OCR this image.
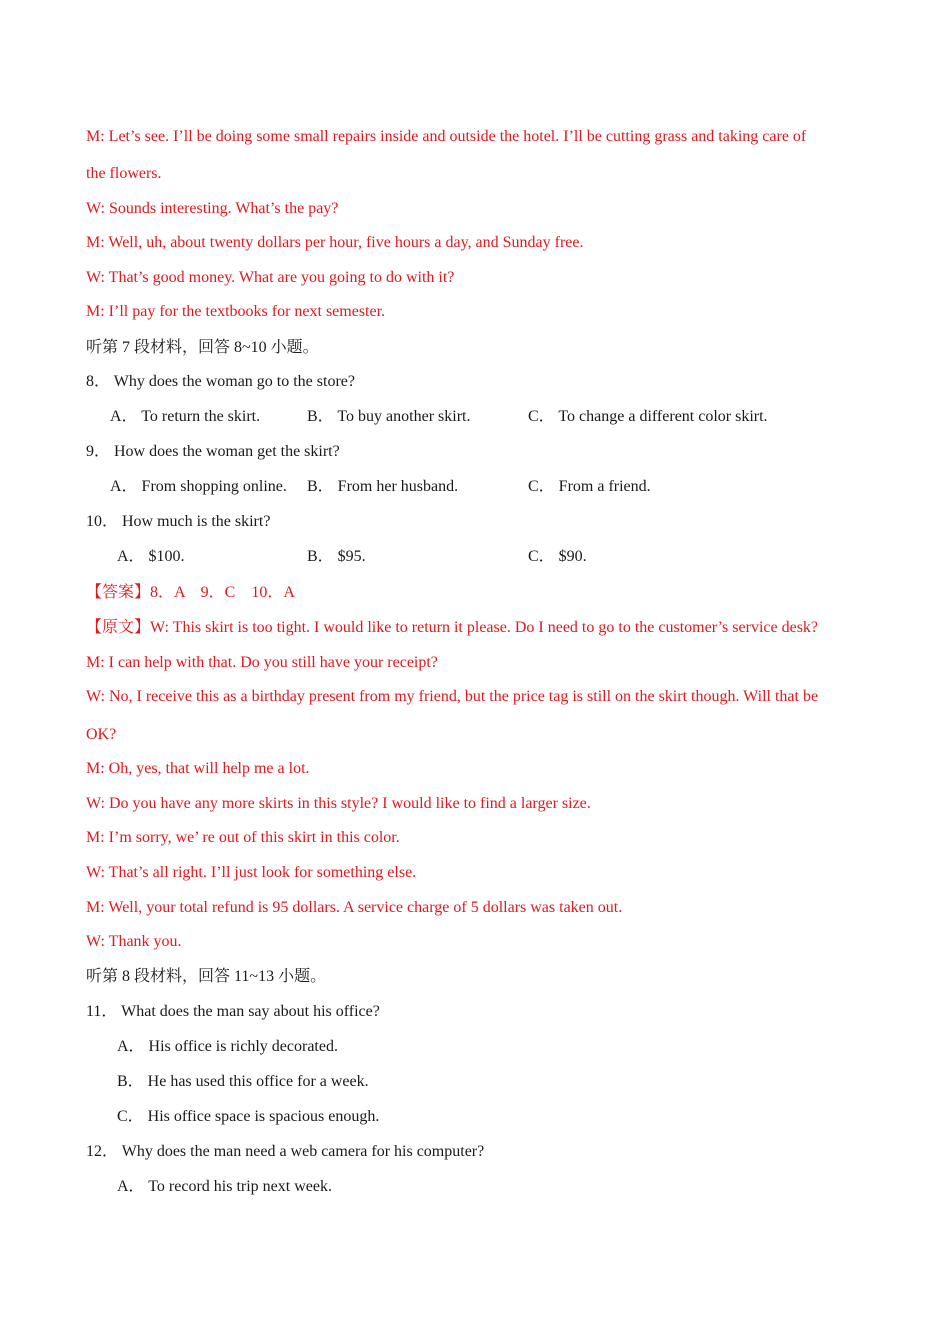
M: Let’s see. I’ll be doing some small repairs inside and outside the hotel. I’ll be cutting grass and taking care of
the flowers.
W: Sounds interesting. What’s the pay?
M: Well, uh, about twenty dollars per hour, five hours a day, and Sunday free.
W: That’s good money. What are you going to do with it?
M: I’ll pay for the textbooks for next semester.
听第 7 段材料，回答 8~10 小题。
8． Why does the woman go to the store?
A． To return the skirt.	B． To buy another skirt.	C． To change a different color skirt.
9． How does the woman get the skirt?
A． From shopping online. B． From her husband.	C． From a friend.
10． How much is the skirt?
A． $100.	B． $95.	C． $90.
【答案】8．A　9．C　10．A
【原文】W: This skirt is too tight. I would like to return it please. Do I need to go to the customer’s service desk?
M: I can help with that. Do you still have your receipt?
W: No, I receive this as a birthday present from my friend, but the price tag is still on the skirt though. Will that be
OK?
M: Oh, yes, that will help me a lot.
W: Do you have any more skirts in this style? I would like to find a larger size.
M: I’m sorry, we’ re out of this skirt in this color.
W: That’s all right. I’ll just look for something else.
M: Well, your total refund is 95 dollars. A service charge of 5 dollars was taken out.
W: Thank you.
听第 8 段材料，回答 11~13 小题。
11． What does the man say about his office?
A． His office is richly decorated.
B． He has used this office for a week.
C． His office space is spacious enough.
12． Why does the man need a web camera for his computer?
A． To record his trip next week.
